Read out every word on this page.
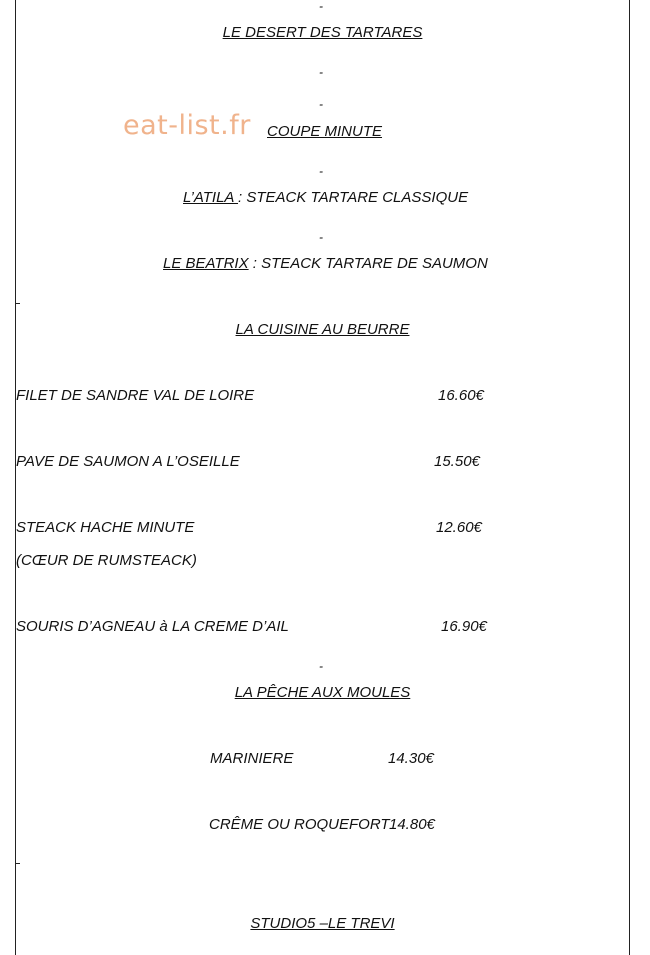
-
LE DESERT DES TARTARES
-
-
eat-list.fr COUPE MINUTE
-
L’ATILA : STEACK TARTARE CLASSIQUE
-
LE BEATRIX : STEACK TARTARE DE SAUMON
LA CUISINE AU BEURRE
FILET DE SANDRE VAL DE LOIRE	16.60€
PAVE DE SAUMON A L’OSEILLE	15.50€
STEACK HACHE MINUTE	12.60€
(CŒUR DE RUMSTEACK)
SOURIS D’AGNEAU à LA CREME D’AIL	16.90€
-
LA PÊCHE AUX MOULES
MARINIERE	14.30€
CRÊME OU ROQUEFORT 14.80€
STUDIO5 –LE TREVI
